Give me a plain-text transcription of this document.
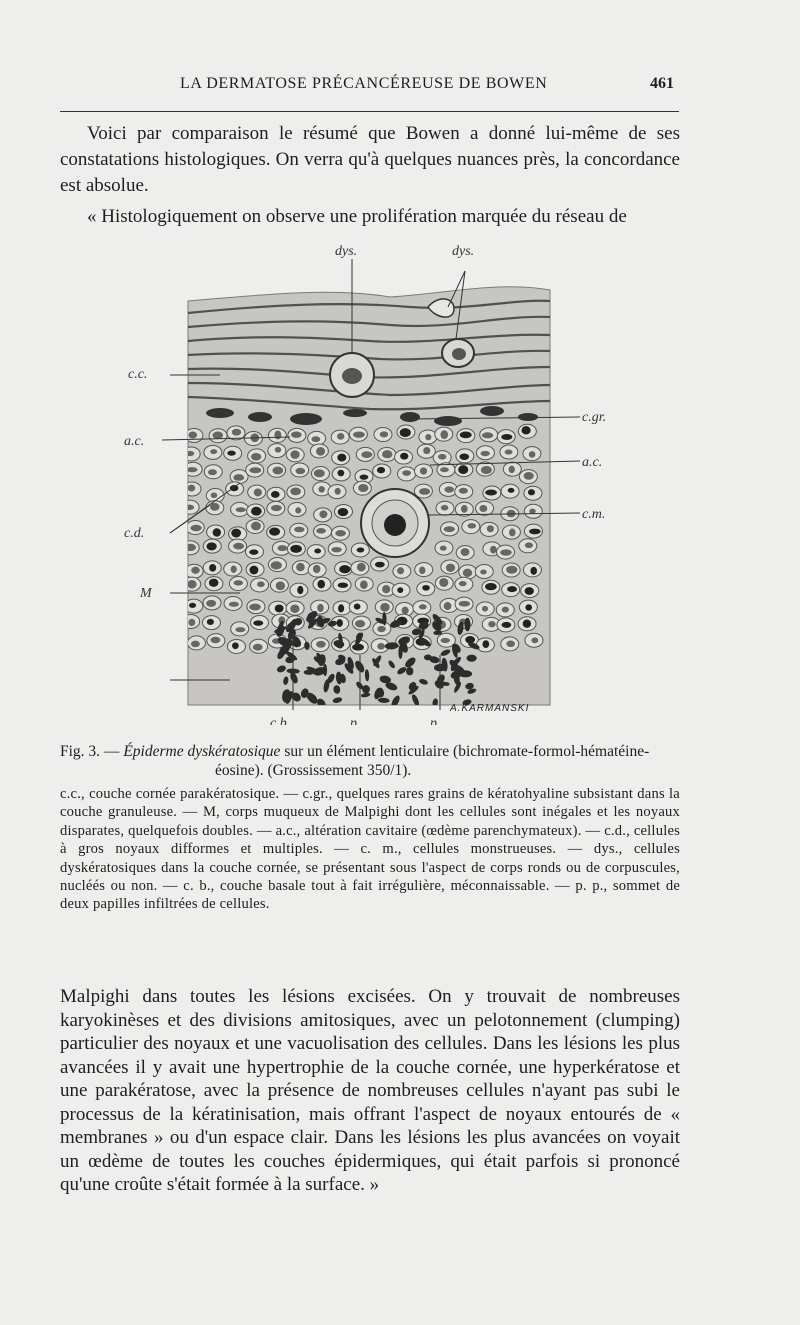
LA DERMATOSE PRÉCANCÉREUSE DE BOWEN	461

Voici par comparaison le résumé que Bowen a donné lui-même de ses constatations histologiques. On verra qu'à quelques nuances près, la concordance est absolue.

« Histologiquement on observe une prolifération marquée du réseau de

dys.	dys.
c.c.
a.c.
c.d.
M
c.gr.
a.c.
c.m.
c.b.	p.	p.
A.KARMANSKI

Fig. 3. — Épiderme dyskératosique sur un élément lenticulaire (bichromate-formol-hématéine-éosine). (Grossissement 350/1).

c.c., couche cornée parakératosique. — c.gr., quelques rares grains de kératohyaline subsistant dans la couche granuleuse. — M, corps muqueux de Malpighi dont les cellules sont inégales et les noyaux disparates, quelquefois doubles. — a.c., altération cavitaire (œdème parenchymateux). — c.d., cellules à gros noyaux difformes et multiples. — c. m., cellules monstrueuses. — dys., cellules dyskératosiques dans la couche cornée, se présentant sous l'aspect de corps ronds ou de corpuscules, nucléés ou non. — c. b., couche basale tout à fait irrégulière, méconnaissable. — p. p., sommet de deux papilles infiltrées de cellules.
Malpighi dans toutes les lésions excisées. On y trouvait de nombreuses karyokinèses et des divisions amitosiques, avec un pelotonnement (clumping) particulier des noyaux et une vacuolisation des cellules. Dans les lésions les plus avancées il y avait une hypertrophie de la couche cornée, une hyperkératose et une parakératose, avec la présence de nombreuses cellules n'ayant pas subi le processus de la kératinisation, mais offrant l'aspect de noyaux entourés de « membranes » ou d'un espace clair. Dans les lésions les plus avancées on voyait un œdème de toutes les couches épidermiques, qui était parfois si prononcé qu'une croûte s'était formée à la surface. »
